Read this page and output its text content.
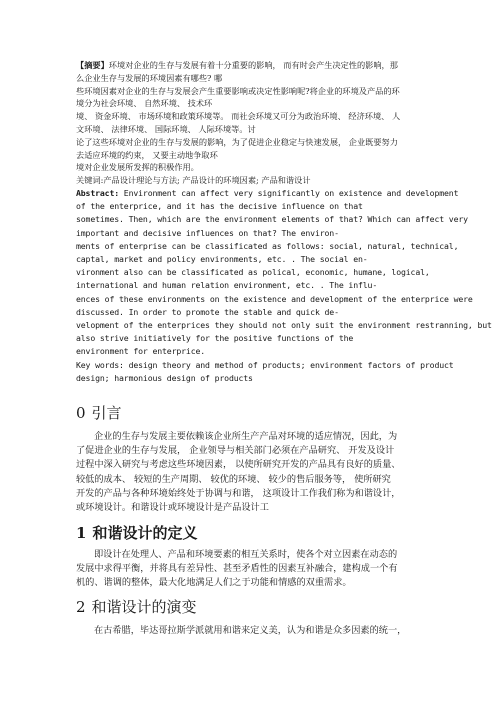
【摘要】环境对企业的生存与发展有着十分重要的影响， 而有时会产生决定性的影响，那
么企业生存与发展的环境因素有哪些? 哪
些环境因素对企业的生存与发展会产生重要影响或决定性影响呢?将企业的环境及产品的环
境分为社会环境、 自然环境、 技术环
境、 资金环境、 市场环境和政策环境等。 而社会环境又可分为政治环境、 经济环境、 人
文环境、 法律环境、 国际环境、 人际环境等。讨
论了这些环境对企业的生存与发展的影响，为了促进企业稳定与快速发展， 企业既要努力
去适应环境的约束， 又要主动地争取环
境对企业发展所发挥的积极作用。
关键词:产品设计理论与方法; 产品设计的环境因素; 产品和谐设计
Abstract: Environment can affect very significantly on existence and development
of the enterprice, and it has the decisive influence on that
sometimes. Then, which are the environment elements of that? Which can affect very
important and decisive influences on that? The environ-
ments of enterprise can be classificated as follows: social, natural, technical,
captal, market and policy environments, etc. . The social en-
vironment also can be classificated as polical, economic, humane, logical,
international and human relation environment, etc. . The influ-
ences of these environments on the existence and development of the enterprice were
discussed. In order to promote the stable and quick de-
velopment of the enterprices they should not only suit the environment restranning, but
also strive initiatively for the positive functions of the
environment for enterprice.
Key words: design theory and method of products; environment factors of product
design; harmonious design of products
0 引言

企业的生存与发展主要依赖该企业所生产产品对环境的适应情况，因此，为

了促进企业的生存与发展， 企业领导与相关部门必须在产品研究、 开发及设计

过程中深入研究与考虑这些环境因素， 以使所研究开发的产品具有良好的质量、

较低的成本、 较短的生产周期、 较优的环境、 较少的售后服务等， 使所研究

开发的产品与各种环境始终处于协调与和谐， 这项设计工作我们称为和谐设计，

或环境设计。和谐设计或环境设计是产品设计工

1 和谐设计的定义

即设计在处理人、产品和环境要素的相互关系时，使各个对立因素在动态的

发展中求得平衡，并将具有差异性、甚至矛盾性的因素互补融合，建构成一个有

机的、谐调的整体，最大化地满足人们之于功能和情感的双重需求。

2 和谐设计的演变

在古希腊，毕达哥拉斯学派就用和谐来定义美，认为和谐是众多因素的统一，
